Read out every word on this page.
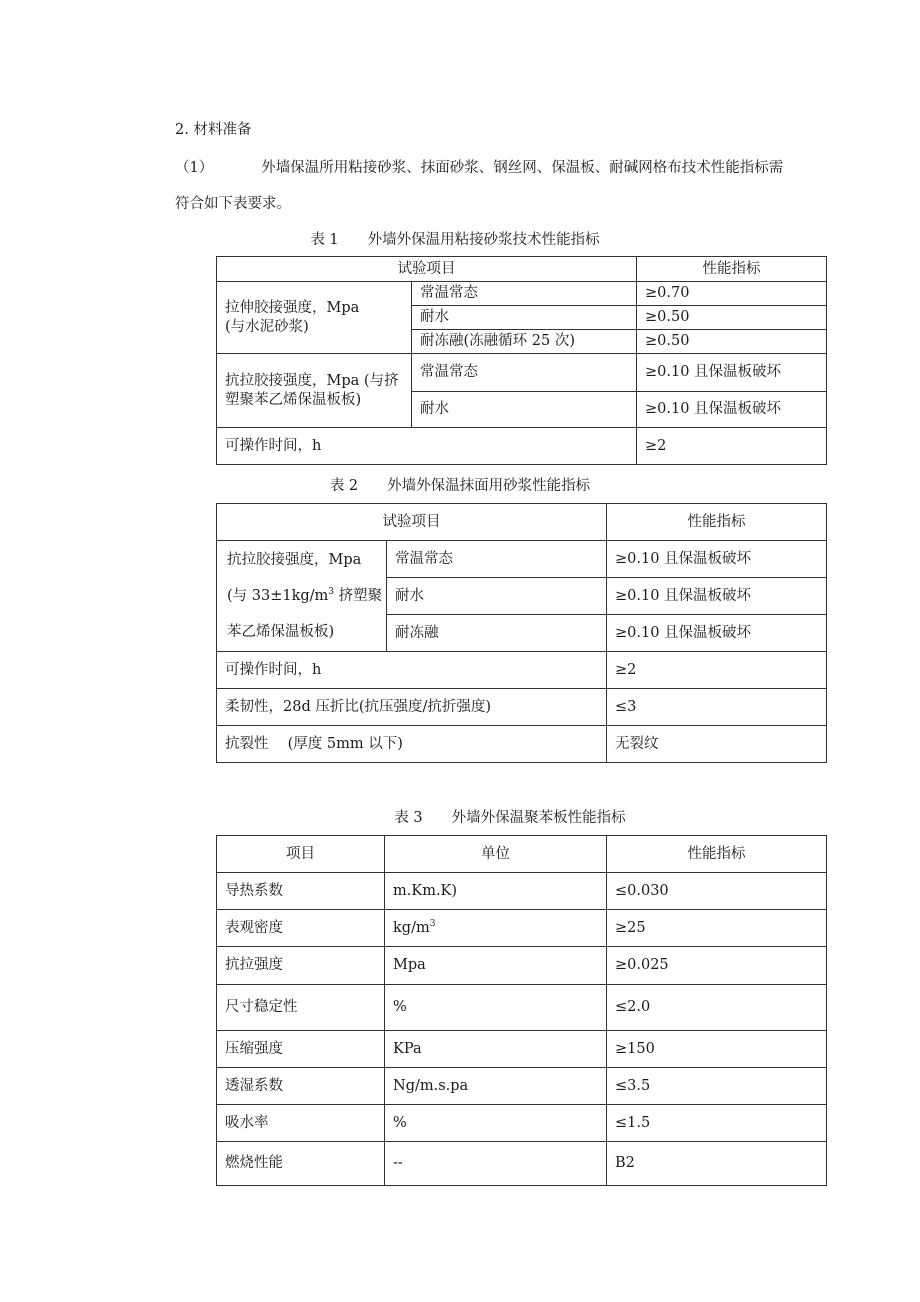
2. 材料准备
（1）	外墙保温所用粘接砂浆、抹面砂浆、钢丝网、保温板、耐碱网格布技术性能指标需
符合如下表要求。
表 1　　外墙外保温用粘接砂浆技术性能指标
试验项目		性能指标

拉伸胶接强度，Mpa
(与水泥砂浆)	常温常态	≥0.70
	耐水	≥0.50
	耐冻融(冻融循环 25 次)	≥0.50
抗拉胶接强度，Mpa (与挤塑聚苯乙烯保温板板)	常温常态	≥0.10 且保温板破坏
	耐水	≥0.10 且保温板破坏
可操作时间，h		≥2
表 2　　外墙外保温抹面用砂浆性能指标
试验项目		性能指标
抗拉胶接强度，Mpa (与 $33\pm 1kg/m^3$ 挤塑聚苯乙烯保温板板)	常温常态	≥0.10 且保温板破坏
	耐水	≥0.10 且保温板破坏
	耐冻融	≥0.10 且保温板破坏
可操作时间，h		≥2
柔韧性，28d 压折比(抗压强度/抗折强度)		≤3
抗裂性　 (厚度 5mm 以下)		无裂纹
表 3　　外墙外保温聚苯板性能指标
项目	单位	性能指标
导热系数	m.Km.K)	≤0.030
表观密度	$kg/m^3$	≥25
抗拉强度	Mpa	≥0.025
尺寸稳定性	%	≤2.0
压缩强度	KPa	≥150
透湿系数	Ng/m.s.pa	≤3.5
吸水率	%	≤1.5
燃烧性能	--	B2
